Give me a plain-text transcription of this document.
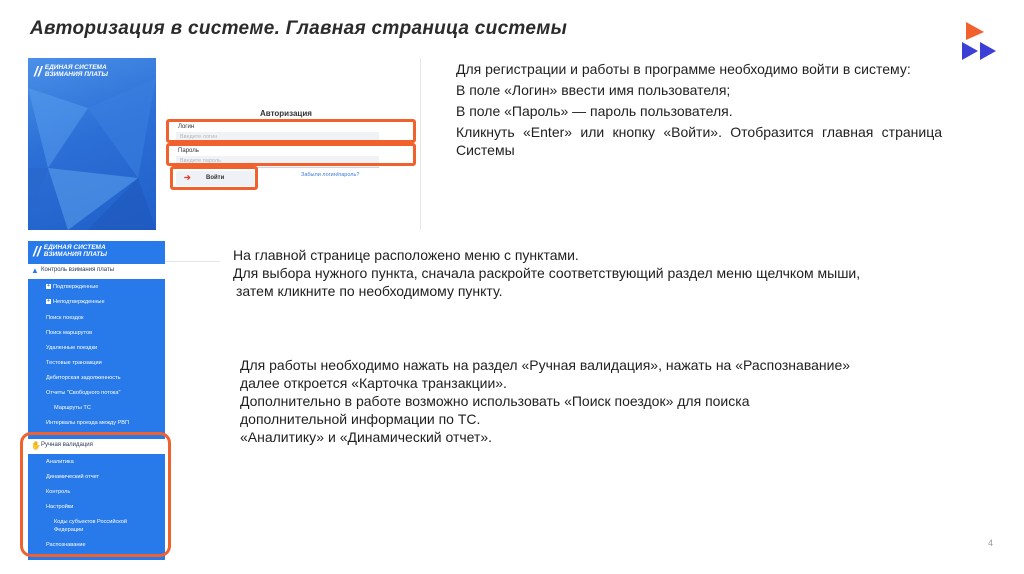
Авторизация в системе. Главная страница системы
// ЕДИНАЯ СИСТЕМА
ВЗИМАНИЯ ПЛАТЫ
Авторизация
Логин
Введите логин
Пароль
Введите пароль
➔	Войти	Забыли логин/пароль?

Для регистрации и работы в программе необходимо войти в систему:

В поле «Логин» ввести имя пользователя;

В поле «Пароль» — пароль пользователя.

Кликнуть «Enter» или кнопку «Войти». Отобразится главная страница Системы

// ЕДИНАЯ СИСТЕМА
ВЗИМАНИЯ ПЛАТЫ
▲ Контроль взимания платы
+ Подтвержденные
+ Неподтвержденные
Поиск поездок
Поиск маршрутов
Удаленные поездки
Тестовые транзакции
Дебиторская задолженность
Отчеты "Свободного потока"
Маршруты ТС
Интервалы проезда между РВП
✋ Ручная валидация
Аналитика
Динамический отчет
Контроль
Настройки
Коды субъектов Российской
Федерации
Распознавание
На главной странице расположено меню с пунктами.
Для выбора нужного пункта, сначала раскройте соответствующий раздел меню щелчком мыши,
затем кликните по необходимому пункту.
Для работы необходимо нажать на раздел «Ручная валидация», нажать на «Распознавание»
далее откроется «Карточка транзакции».
Дополнительно в работе возможно использовать «Поиск поездок» для поиска
дополнительной информации по ТС.
«Аналитику» и «Динамический отчет».
4
